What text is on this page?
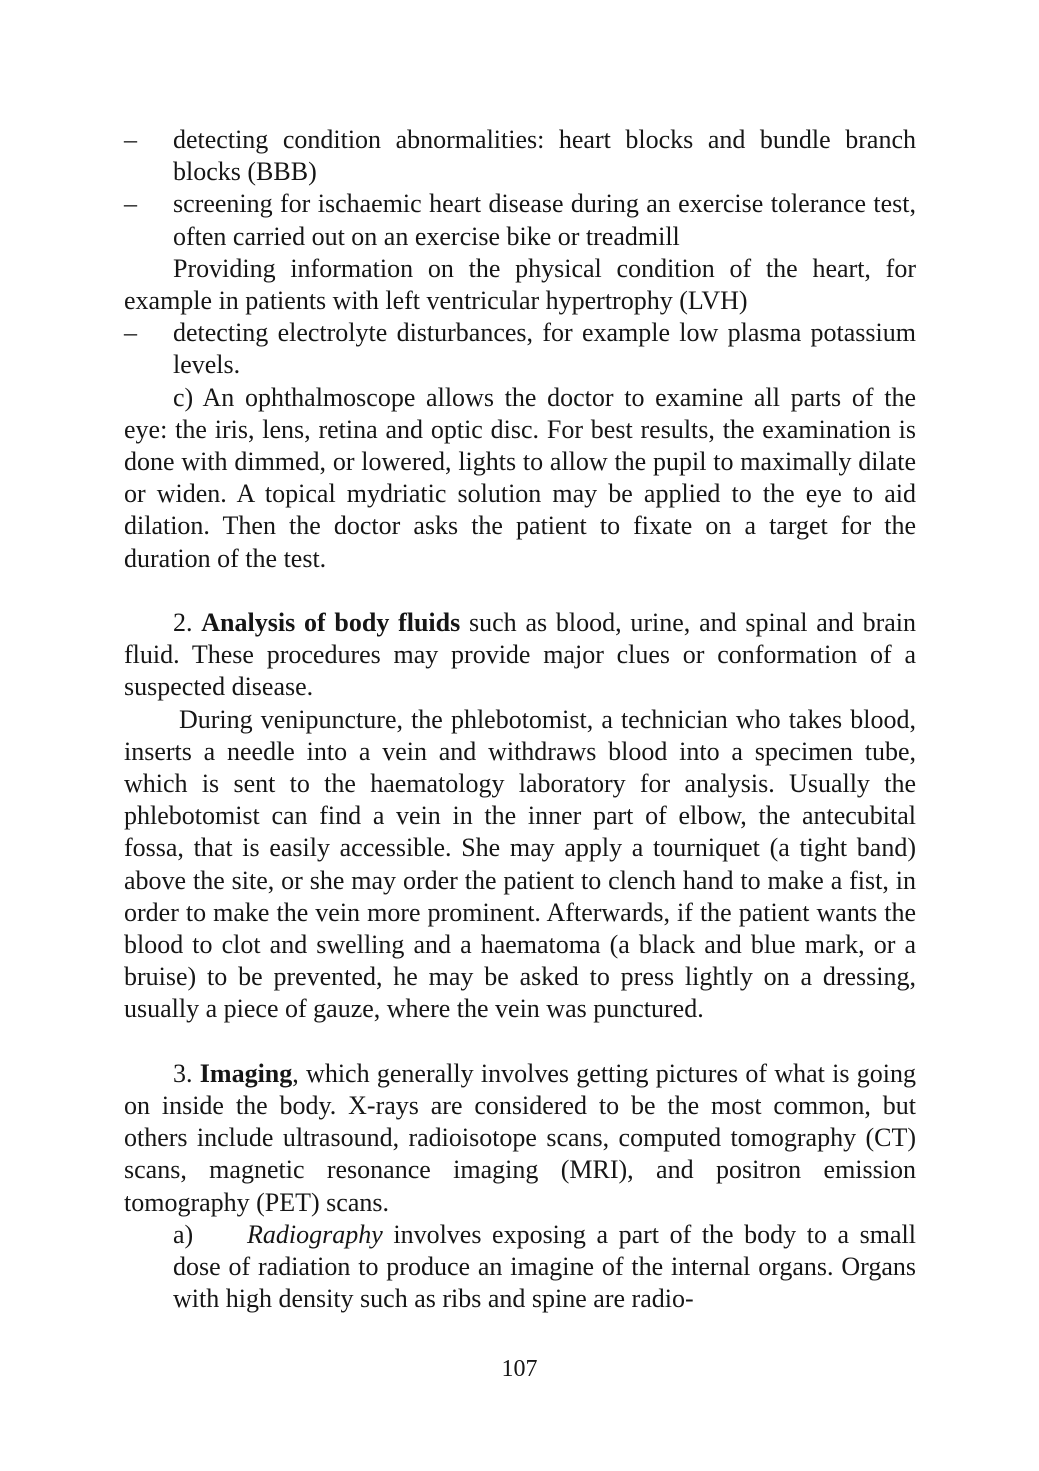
–	detecting condition abnormalities: heart blocks and bundle branch blocks (BBB)

–	screening for ischaemic heart disease during an exercise tolerance test, often carried out on an exercise bike or treadmill

Providing information on the physical condition of the heart, for example in patients with left ventricular hypertrophy (LVH)

–	detecting electrolyte disturbances, for example low plasma potassium levels.

c) An ophthalmoscope allows the doctor to examine all parts of the eye: the iris, lens, retina and optic disc. For best results, the examination is done with dimmed, or lowered, lights to allow the pupil to maximally dilate or widen. A topical mydriatic solution may be applied to the eye to aid dilation. Then the doctor asks the patient to fixate on a target for the duration of the test.

2. Analysis of body fluids such as blood, urine, and spinal and brain fluid. These procedures may provide major clues or conformation of a suspected disease.

During venipuncture, the phlebotomist, a technician who takes blood, inserts a needle into a vein and withdraws blood into a specimen tube, which is sent to the haematology laboratory for analysis. Usually the phlebotomist can find a vein in the inner part of elbow, the antecubital fossa, that is easily accessible. She may apply a tourniquet (a tight band) above the site, or she may order the patient to clench hand to make a fist, in order to make the vein more prominent. Afterwards, if the patient wants the blood to clot and swelling and a haematoma (a black and blue mark, or a bruise) to be prevented, he may be asked to press lightly on a dressing, usually a piece of gauze, where the vein was punctured.

3. Imaging, which generally involves getting pictures of what is going on inside the body. X-rays are considered to be the most common, but others include ultrasound, radioisotope scans, computed tomography (CT) scans, magnetic resonance imaging (MRI), and positron emission tomography (PET) scans.

a) Radiography involves exposing a part of the body to a small dose of radiation to produce an imagine of the internal organs. Organs with high density such as ribs and spine are radio-

107
